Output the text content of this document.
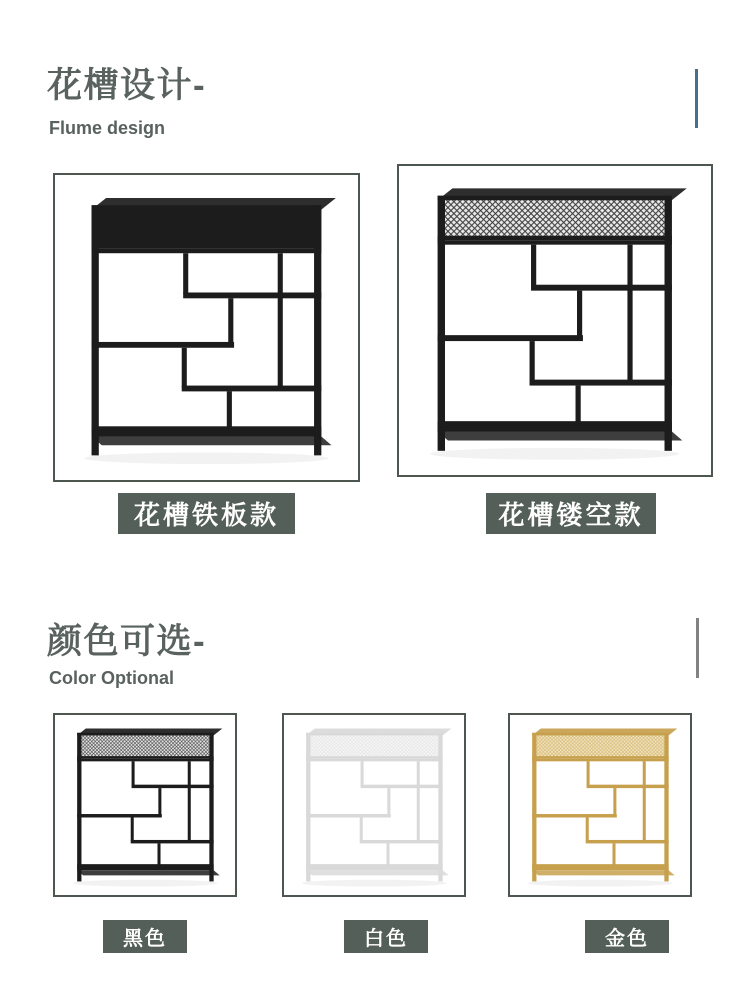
花槽设计-
Flume design
花槽铁板款	花槽镂空款
颜色可选-
Color Optional
黑色	白色	金色
